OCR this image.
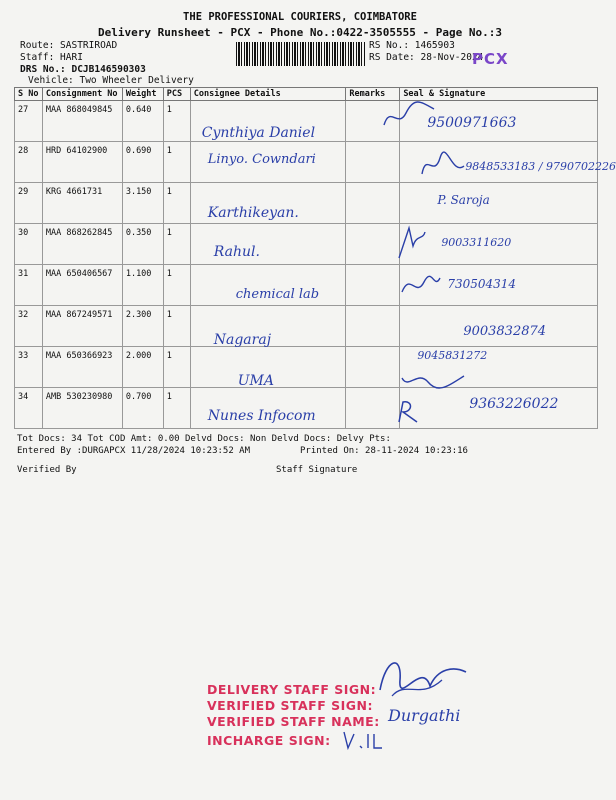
THE PROFESSIONAL COURIERS, COIMBATORE
Delivery Runsheet - PCX - Phone No.:0422-3505555 - Page No.:3
Route: SASTRIROAD
Staff: HARI
DRS No.: DCJB146590303
Vehicle: Two Wheeler Delivery
RS No.: 1465903
RS Date: 28-Nov-2024
PCX
S No	Consignment No	Weight	PCS	Consignee Details	Remarks	Seal & Signature
27	MAA 868049845	0.640	1	Cynthiya Daniel		9500971663
28	HRD 64102900	0.690	1	Linyo. Cowndari		9848533183 / 9790702226
29	KRG 4661731	3.150	1	Karthikeyan.		P. Saroja
30	MAA 868262845	0.350	1	Rahul.		9003311620
31	MAA 650406567	1.100	1	chemical lab		730504314
32	MAA 867249571	2.300	1	Nagaraj		9003832874
33	MAA 650366923	2.000	1	UMA		9045831272
34	AMB 530230980	0.700	1	Nunes Infocom		9363226022
Tot Docs: 34 Tot COD Amt: 0.00 Delvd Docs: Non Delvd Docs: Delvy Pts:
Entered By :DURGAPCX 11/28/2024 10:23:52 AM	Printed On: 28-11-2024 10:23:16
Verified By	Staff Signature
DELIVERY STAFF SIGN:
VERIFIED STAFF SIGN:
VERIFIED STAFF NAME:
INCHARGE SIGN:
Durgathi
